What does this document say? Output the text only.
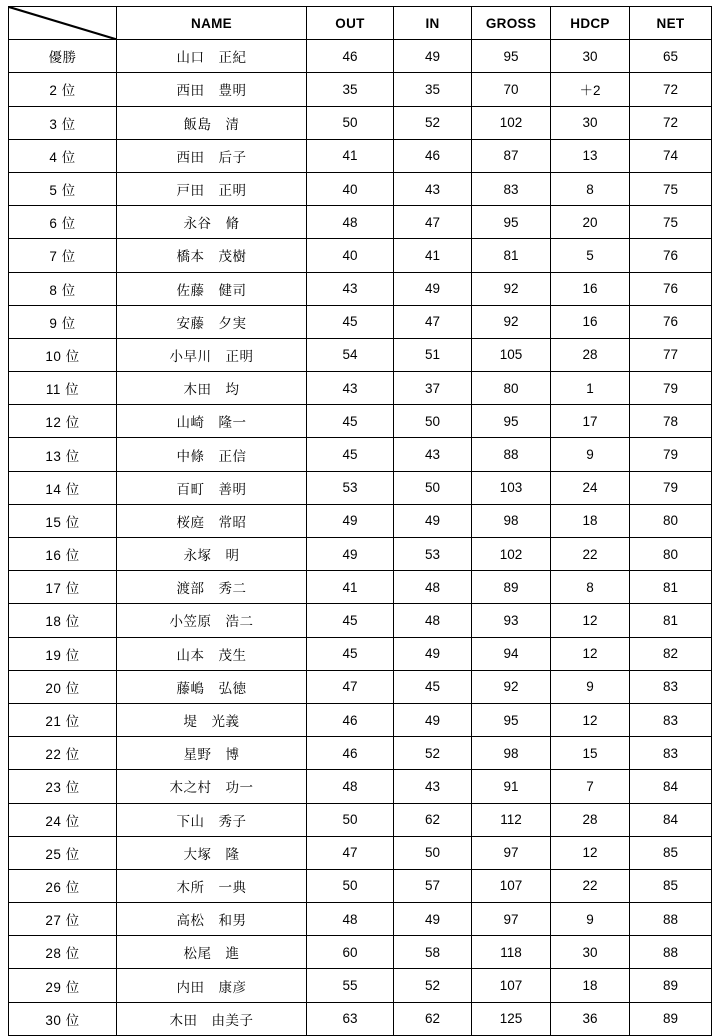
	NAME	OUT	IN	GROSS	HDCP	NET
優勝	山口　正紀	46	49	95	30	65
2 位	西田　豊明	35	35	70	＋2	72
3 位	飯島　清	50	52	102	30	72
4 位	西田　后子	41	46	87	13	74
5 位	戸田　正明	40	43	83	8	75
6 位	永谷　脩	48	47	95	20	75
7 位	橋本　茂樹	40	41	81	5	76
8 位	佐藤　健司	43	49	92	16	76
9 位	安藤　夕実	45	47	92	16	76
10 位	小早川　正明	54	51	105	28	77
11 位	木田　均	43	37	80	1	79
12 位	山崎　隆一	45	50	95	17	78
13 位	中條　正信	45	43	88	9	79
14 位	百町　善明	53	50	103	24	79
15 位	桜庭　常昭	49	49	98	18	80
16 位	永塚　明	49	53	102	22	80
17 位	渡部　秀二	41	48	89	8	81
18 位	小笠原　浩二	45	48	93	12	81
19 位	山本　茂生	45	49	94	12	82
20 位	藤嶋　弘徳	47	45	92	9	83
21 位	堤　光義	46	49	95	12	83
22 位	星野　博	46	52	98	15	83
23 位	木之村　功一	48	43	91	7	84
24 位	下山　秀子	50	62	112	28	84
25 位	大塚　隆	47	50	97	12	85
26 位	木所　一典	50	57	107	22	85
27 位	高松　和男	48	49	97	9	88
28 位	松尾　進	60	58	118	30	88
29 位	内田　康彦	55	52	107	18	89
30 位	木田　由美子	63	62	125	36	89
